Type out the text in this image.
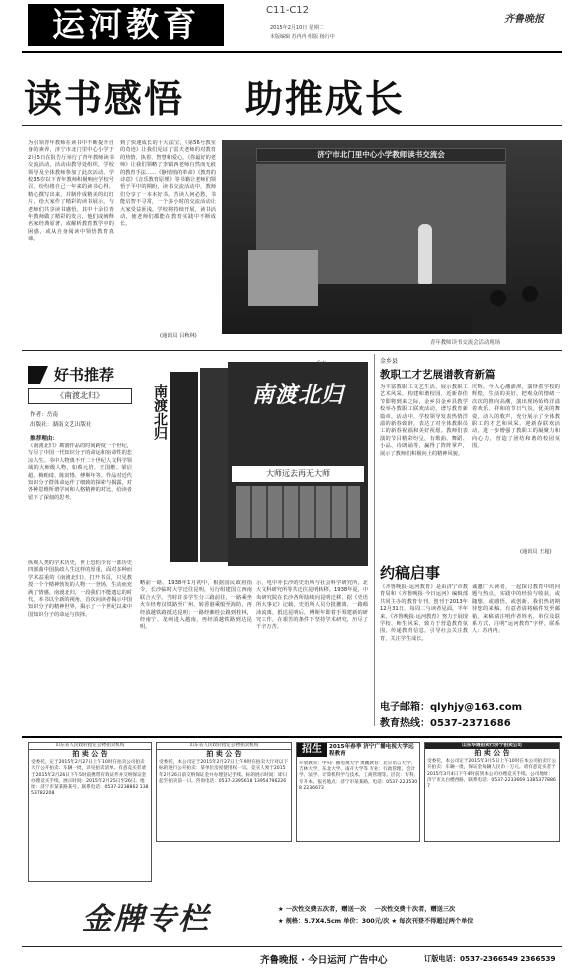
运河教育	C11-C12
2015年2月10日 星期二
本版编辑 苏冉冉 组版 杨行中
齐鲁晚报
读书感悟    助推成长
为引领青年教师在读书中不断提升自身的素养，济宁市北门里中心小学于2月5日在报告厅举行了青年教师读书交流活动。活动由教导处组织，学校领导及全体教师参加了此次活动。学校35岁以下青年教师积极响应学校号召，纷纷将自己一年来的读书心得、精心撰写出来，并制作成精美的幻灯片，给大家作了精彩的读书展示。与老师们共享读书感悟。其中十余位青年教师做了精彩的发言，他们或阐释名家经典原著，或解析教育教学中的困惑，或从自身阅读中领悟教育真谛。
到了快速成长的十大法宝，《第56号教室的奇迹》让我们见证了雷夫老师的对教育的热情、执着、智慧和爱心。《你最好的老师》让我们领略了李镇西老师自然而无痕的教育手法……《静悄悄的革命》《教育的诗意》《音乐教育原理》等书籍让老师们领悟于平中的期盼，读书交流活动中，教师们分享了一本本好书。苦读人何必愁，书能启智不寻常，一个多小时的交流活动让大家受益匪浅。学校将持续开展，读书活动，使老师们都能在教育实践中不断成长。
(通讯员 吕秋林)
济宁市北门里中心小学教师读书交流会
青年教师读书交流会活动现场
好书推荐
《南渡北归》
作者：岳南
出版社：湖南文艺出版社
推荐理由：
《南渡北归》勘割作品的时间跨度一个世纪，写尽了中国一代知识分子的命运和宿命性的悲凉人生。书中人物离不开二十世纪人文科学领域的大师级人物，如蔡元培、王国维、梁启超、梅贻琦、陈寅恪、傅斯年等。作品对近代知识分子群体命运作了细致的探索与揭露，对各种思维所谓学问和人格精神的对比，给读者留下了深刻的思考。
纵观人类的学术历史，世上恐怕少有一部历史四部曲中国执政人生这样的厚重，面对多种而学术益重的《南渡北归》，打开书页，只见教授一个个精神勃发的人物一一登场，生动而充满了情感。南渡北归，一段我们不能遗忘的时代。本书以全新的视角，首次向读者揭示中国知识分子的精神世界，揭示了一个世纪以来中国知识分子的命运与抉择。
南渡北归	南渡北归
大师远去再无大师
岳南
略前一路。1938年1月初中，根据国民政府指令，长沙临时大学迁往昆明，另行组建国立西南联合大学。当时许多学生分三路前往，一路乘坐火车经粤汉铁路至广州，转香港乘船至海防，再经滇越铁路抵达昆明；一路经湘桂公路到桂林，经南宁、龙州进入越南，再经滇越铁路到达昆明。
示，电中亦长沙的史语所与社会科学研究所，北大文科研究所等共迁往昆明转移。1938年夏，中央研究院在长沙各所陆续向昆明迁移，据《史语所大事记》记载，史语所人员分批撤离，一路颠沛流离，抵达昆明后，傅斯年即着手筹建新的研究工作，在艰苦的条件下坚持学术研究，历尽了千辛万苦。
金乡县
教职工才艺展谱教育新篇
为丰富教职工文艺生活，展示教职工艺术风采，构建和谐校园，近新春佳节即将到来之际，金乡县金乡县教学校举办教职工联欢活动，谱写教育新篇章。活动中，学校领导发表热情洋溢的新春致辞，表达了对全体教职员工的新春祝福和美好祝愿。教师们表演的节目精彩纷呈，有歌曲、舞蹈、小品、诗朗诵等，赢得了阵阵掌声，展示了教师们积极向上的精神风貌。
庆辉。今人心潮澎湃，演绎着学校的辉煌，生活的美好。把观众的情绪一次次的推向高潮，演出现场始终洋溢着欢乐、祥和的节日气氛。优美的舞姿、动人的歌声，充分展示了全体教职工的才艺和风采。迎新春联欢活动，进一步增强了教职工的凝聚力和向心力，营造了团结和谐的校园氛围。
(通讯员 王超)
约稿启事
《齐鲁晚报·运河教育》是由济宁市教育局和《齐鲁晚报·今日运河》编辑部共同主办的教育专刊，创刊于2013年12月31日，每周二与读者见面。半年来，《齐鲁晚报·运河教育》努力于展现学校、师生风采，致力于营造教育氛围，传递教育信息，引导社会关注教育，关注学生成长。
诚邀广大读者，一起探讨教育中的问题与热点，实践中的经验与收获，或随想，或感悟，或创新，我们热切期待您的来稿。有意者请将稿件发至邮箱，来稿请注明作者姓名、单位及联系方式，注明“运河教育”字样。联系人：苏冉冉。
电子邮箱：qlyhjy@163.com
教育热线：0537-2371686
山东省人民政府指定公物拍卖机构
拍 卖 公 告
受委托，定于2015年2月27日上午10时在拍卖公司拍卖大厅公开拍卖：车辆一批，详见拍卖清单。有意竞买者请于2015年2月26日下午5时前携带有效证件并交纳保证金办理竞买手续。展示时间：2015年2月25日至26日。地址：济宁市某某路某号。联系电话：0537-2238862 13853782208
山东省人民政府指定公物拍卖机构
拍 卖 公 告
受委托，本公司定于2015年2月27日上午9时在拍卖大厅对以下标的进行公开拍卖：某单位房屋使用权一宗。竞买人须于2015年2月26日前交纳保证金并办理登记手续。标的展示时间：即日起至拍卖前一日。咨询电话：0537-2395618 13954796226
招生	2015年春季 济宁广播电视大学远程教育
开放教育：中央广播电视大学 奥鹏教育：北京语言大学、吉林大学、东北大学、南开大学等 专业：行政管理、会计学、法学、计算机科学与技术、工商管理等。层次：专科、专升本。报名地点：济宁市某某路。电话：0537-2235308 2236673
山东华通拍卖行济宁拍卖公司
拍 卖 公 告
受委托，本公司定于2015年3月5日上午10时在本公司拍卖厅公开拍卖：车辆一批，保证金每辆人民币一万元。请有意竞买者于2015年3月4日下午4时前到本公司办理竞买手续。公司地址：济宁市太白楼西路。联系电话：0537-2233669 13853778867
金牌专栏	★ 一次性交费五次者，赠送一次    一次性交费十次者，赠送三次
★ 规格：5.7X4.5cm 单价：300元/次 ★ 每次刊登不得超过两个单位
齐鲁晚报 · 今日运河 广告中心	订版电话：0537-2366549 2366539
